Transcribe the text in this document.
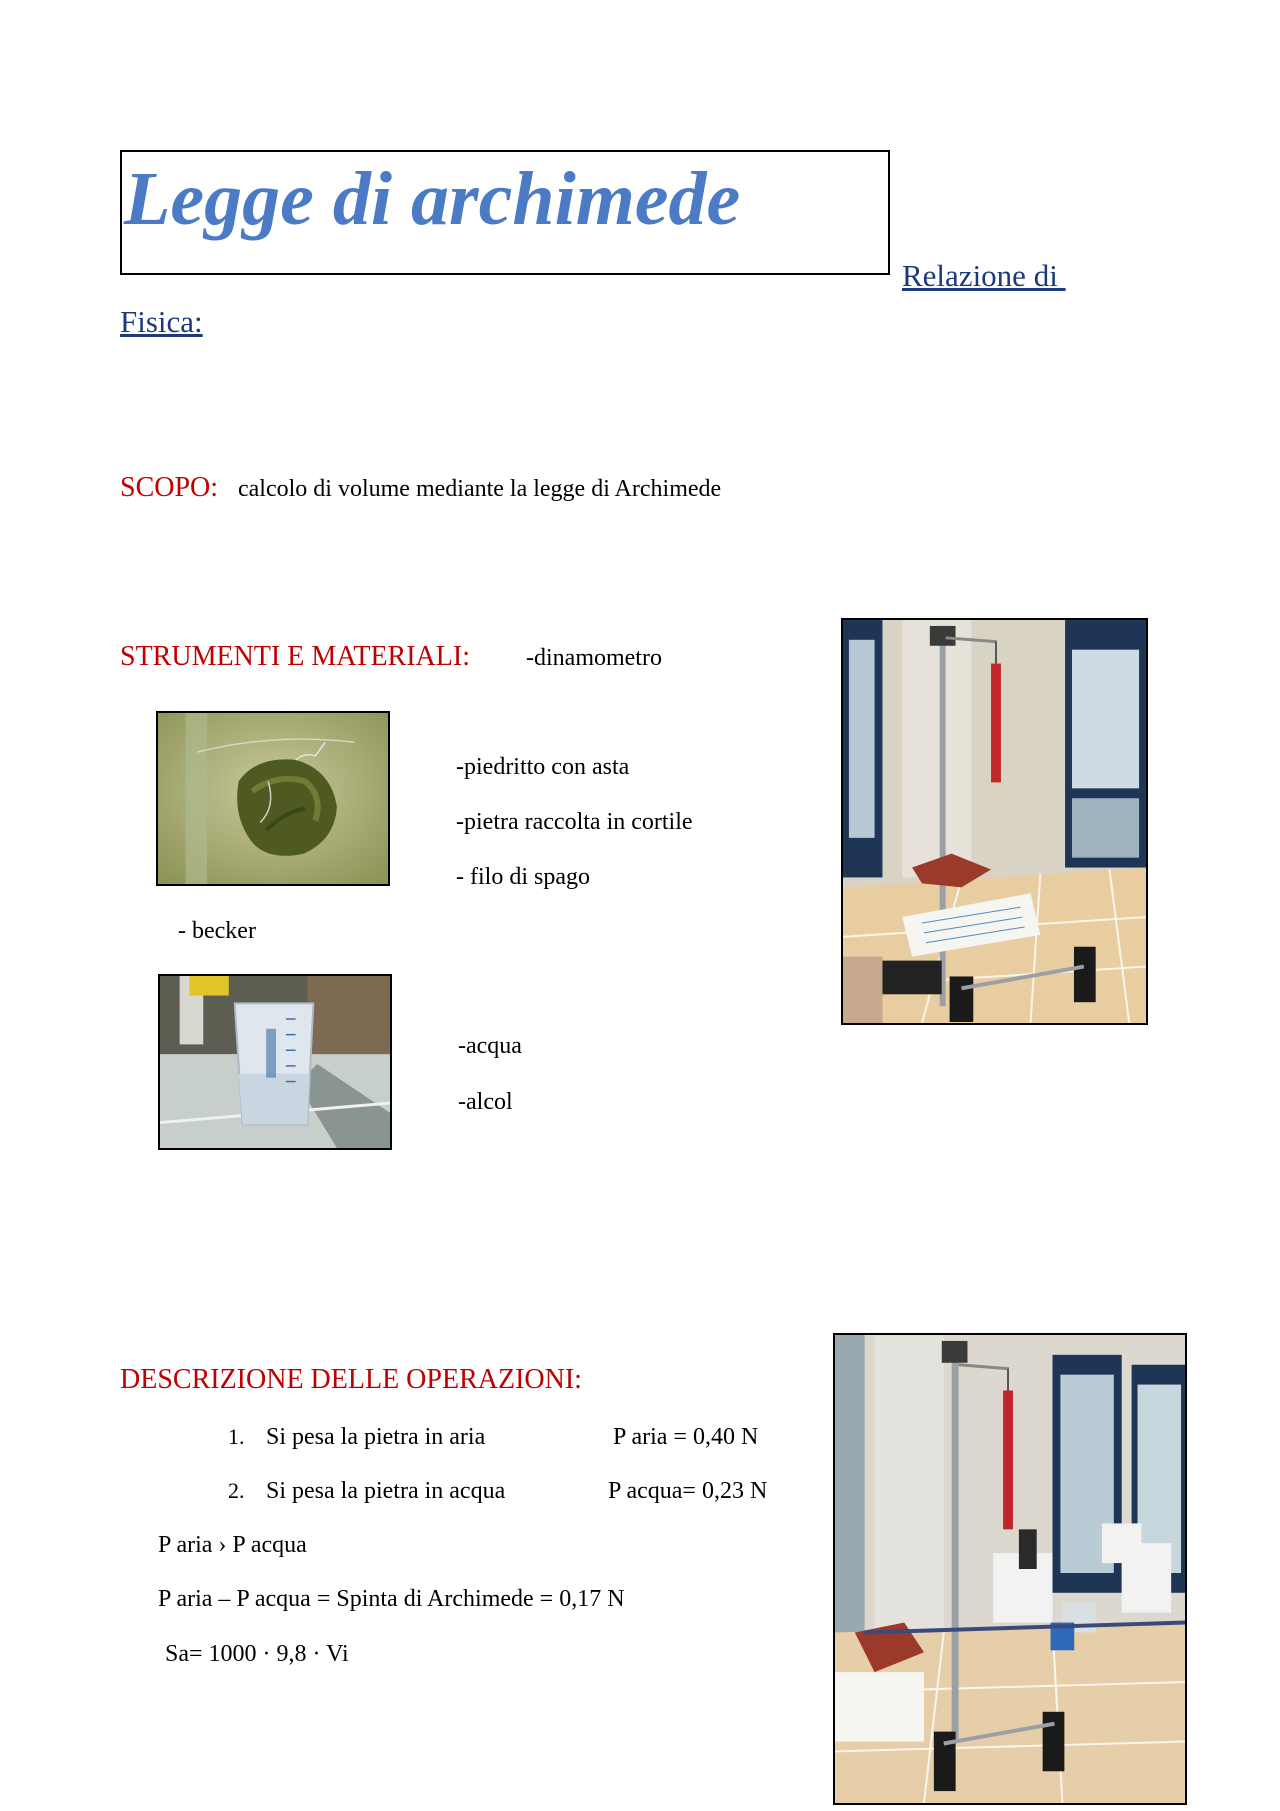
Legge di archimede
Relazione di
Fisica:
SCOPO: calcolo di volume mediante la legge di Archimede
STRUMENTI E MATERIALI: -dinamometro
-piedritto con asta
-pietra raccolta in cortile
- filo di spago
- becker
-acqua
-alcol
DESCRIZIONE DELLE OPERAZIONI:
1. Si pesa la pietra in aria	P aria = 0,40 N
2. Si pesa la pietra in acqua	P acqua= 0,23 N
P aria › P acqua
P aria – P acqua = Spinta di Archimede = 0,17 N
Sa= 1000 · 9,8 · Vi
